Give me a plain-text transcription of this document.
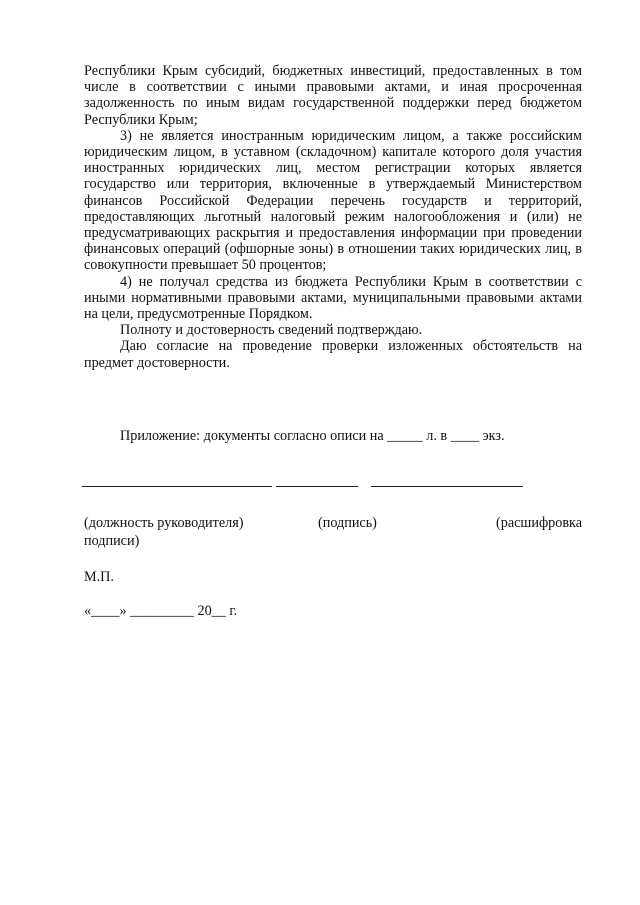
Республики Крым субсидий, бюджетных инвестиций, предоставленных в том числе в соответствии с иными правовыми актами, и иная просроченная задолженность по иным видам государственной поддержки перед бюджетом Республики Крым;

3) не является иностранным юридическим лицом, а также российским юридическим лицом, в уставном (складочном) капитале которого доля участия иностранных юридических лиц, местом регистрации которых является государство или территория, включенные в утверждаемый Министерством финансов Российской Федерации перечень государств и территорий, предоставляющих льготный налоговый режим налогообложения и (или) не предусматривающих раскрытия и предоставления информации при проведении финансовых операций (офшорные зоны) в отношении таких юридических лиц, в совокупности превышает 50 процентов;

4) не получал средства из бюджета Республики Крым в соответствии с иными нормативными правовыми актами, муниципальными правовыми актами на цели, предусмотренные Порядком.

Полноту и достоверность сведений подтверждаю.

Даю согласие на проведение проверки изложенных обстоятельств на предмет достоверности.

Приложение: документы согласно описи на _____ л. в ____ экз.
(должность руководителя)	(подпись)	(расшифровка
подписи)
М.П.
«____» _________ 20__ г.
